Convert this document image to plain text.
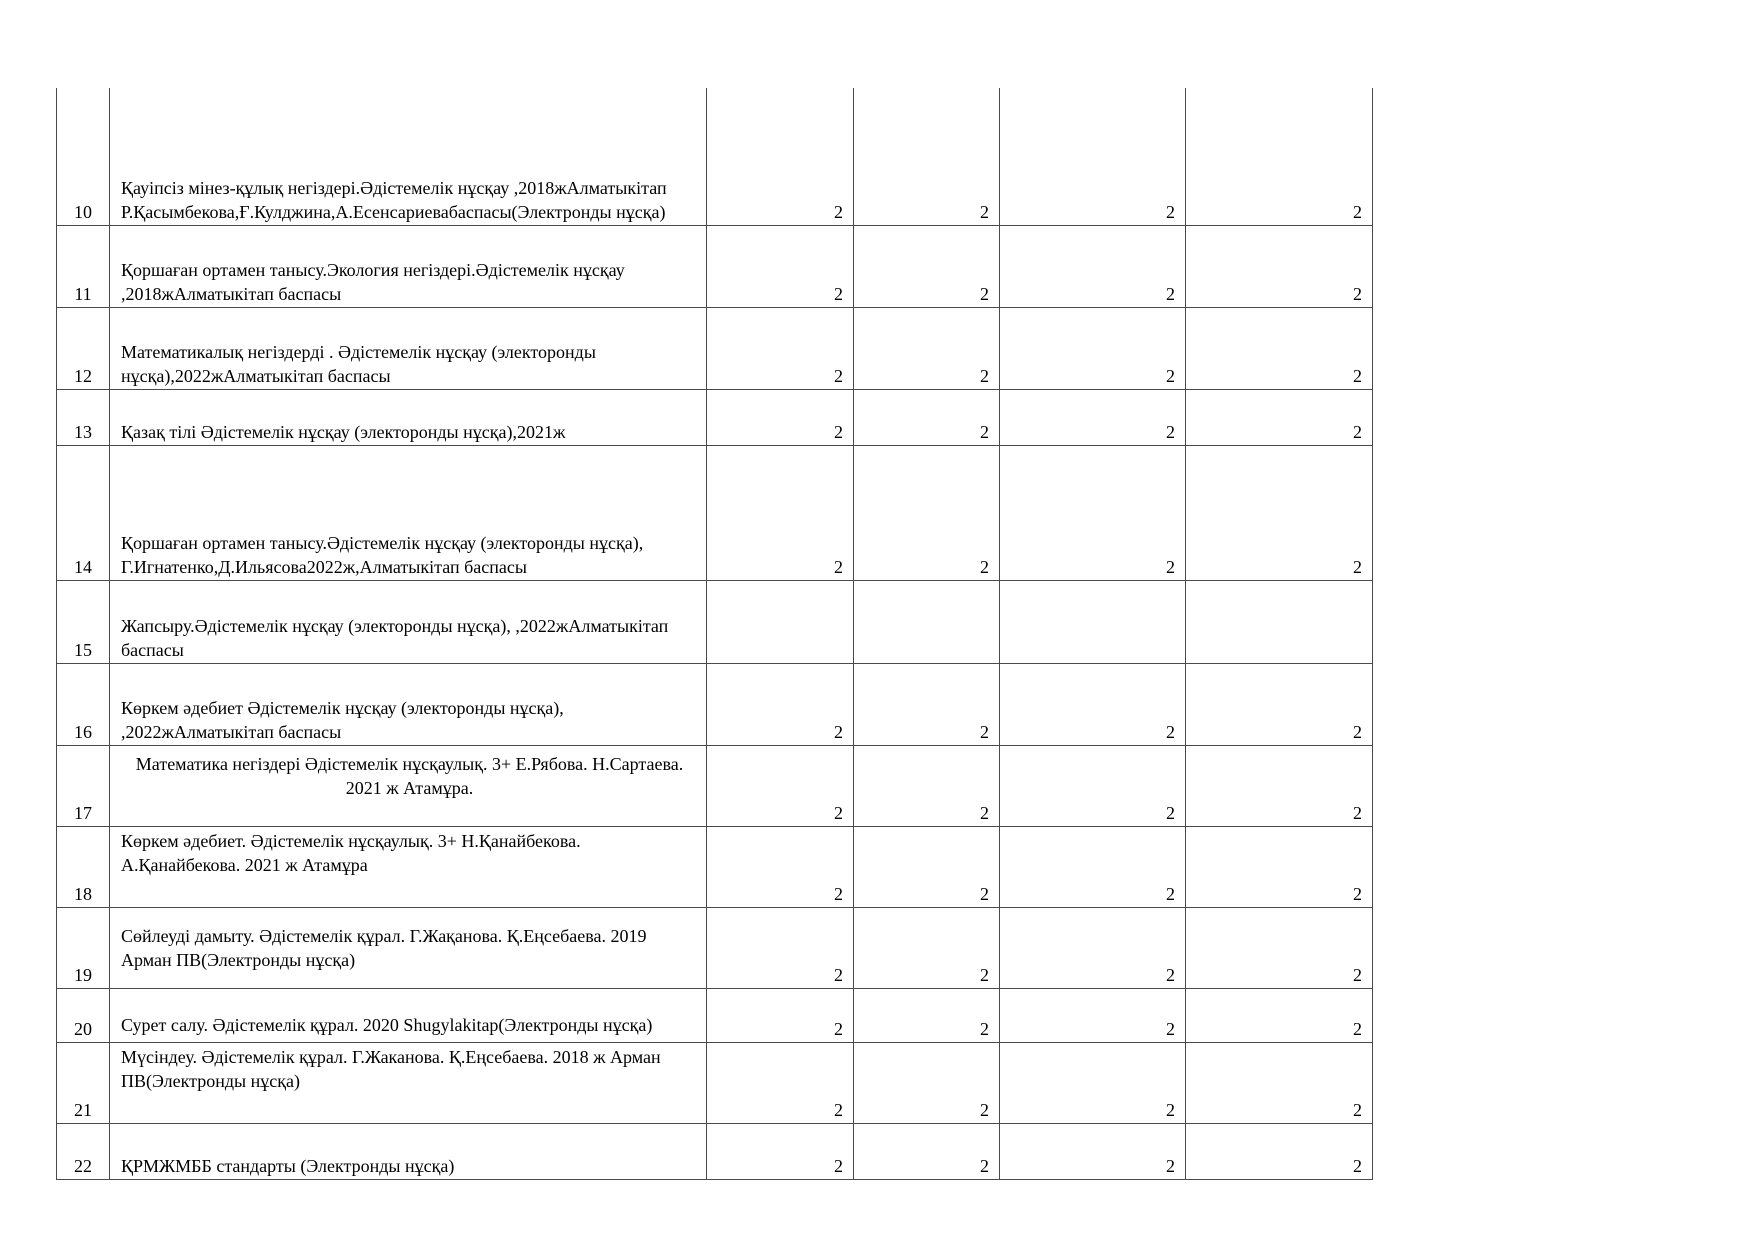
10	Қауіпсіз мінез-құлық негіздері.Әдістемелік нұсқау ,2018жАлматыкітап Р.Қасымбекова,Ғ.Кулджина,А.Есенсариевабаспасы(Электронды нұсқа)	2	2	2	2
11	Қоршаған ортамен танысу.Экология негіздері.Әдістемелік нұсқау ,2018жАлматыкітап баспасы	2	2	2	2
12	Математикалық негіздерді . Әдістемелік нұсқау (электоронды нұсқа),2022жАлматыкітап баспасы	2	2	2	2
13	Қазақ тілі Әдістемелік нұсқау (электоронды нұсқа),2021ж	2	2	2	2
14	Қоршаған ортамен танысу.Әдістемелік нұсқау (электоронды нұсқа), Г.Игнатенко,Д.Ильясова2022ж,Алматыкітап баспасы	2	2	2	2
15	Жапсыру.Әдістемелік нұсқау (электоронды нұсқа), ,2022жАлматыкітап баспасы				
16	Көркем әдебиет Әдістемелік нұсқау (электоронды нұсқа), ,2022жАлматыкітап баспасы	2	2	2	2
17	Математика негіздері Әдістемелік нұсқаулық. 3+ Е.Рябова. Н.Сартаева. 2021 ж Атамұра.	2	2	2	2
18	Көркем әдебиет. Әдістемелік нұсқаулық. 3+ Н.Қанайбекова. А.Қанайбекова. 2021 ж Атамұра	2	2	2	2
19	Сөйлеуді дамыту. Әдістемелік құрал. Г.Жақанова. Қ.Еңсебаева. 2019 Арман ПВ(Электронды нұсқа)	2	2	2	2
20	Сурет салу. Әдістемелік құрал. 2020 Shugylakitap(Электронды нұсқа)	2	2	2	2
21	Мүсіндеу. Әдістемелік құрал. Г.Жаканова. Қ.Еңсебаева. 2018 ж Арман ПВ(Электронды нұсқа)	2	2	2	2
22	ҚРМЖМББ стандарты (Электронды нұсқа)	2	2	2	2
